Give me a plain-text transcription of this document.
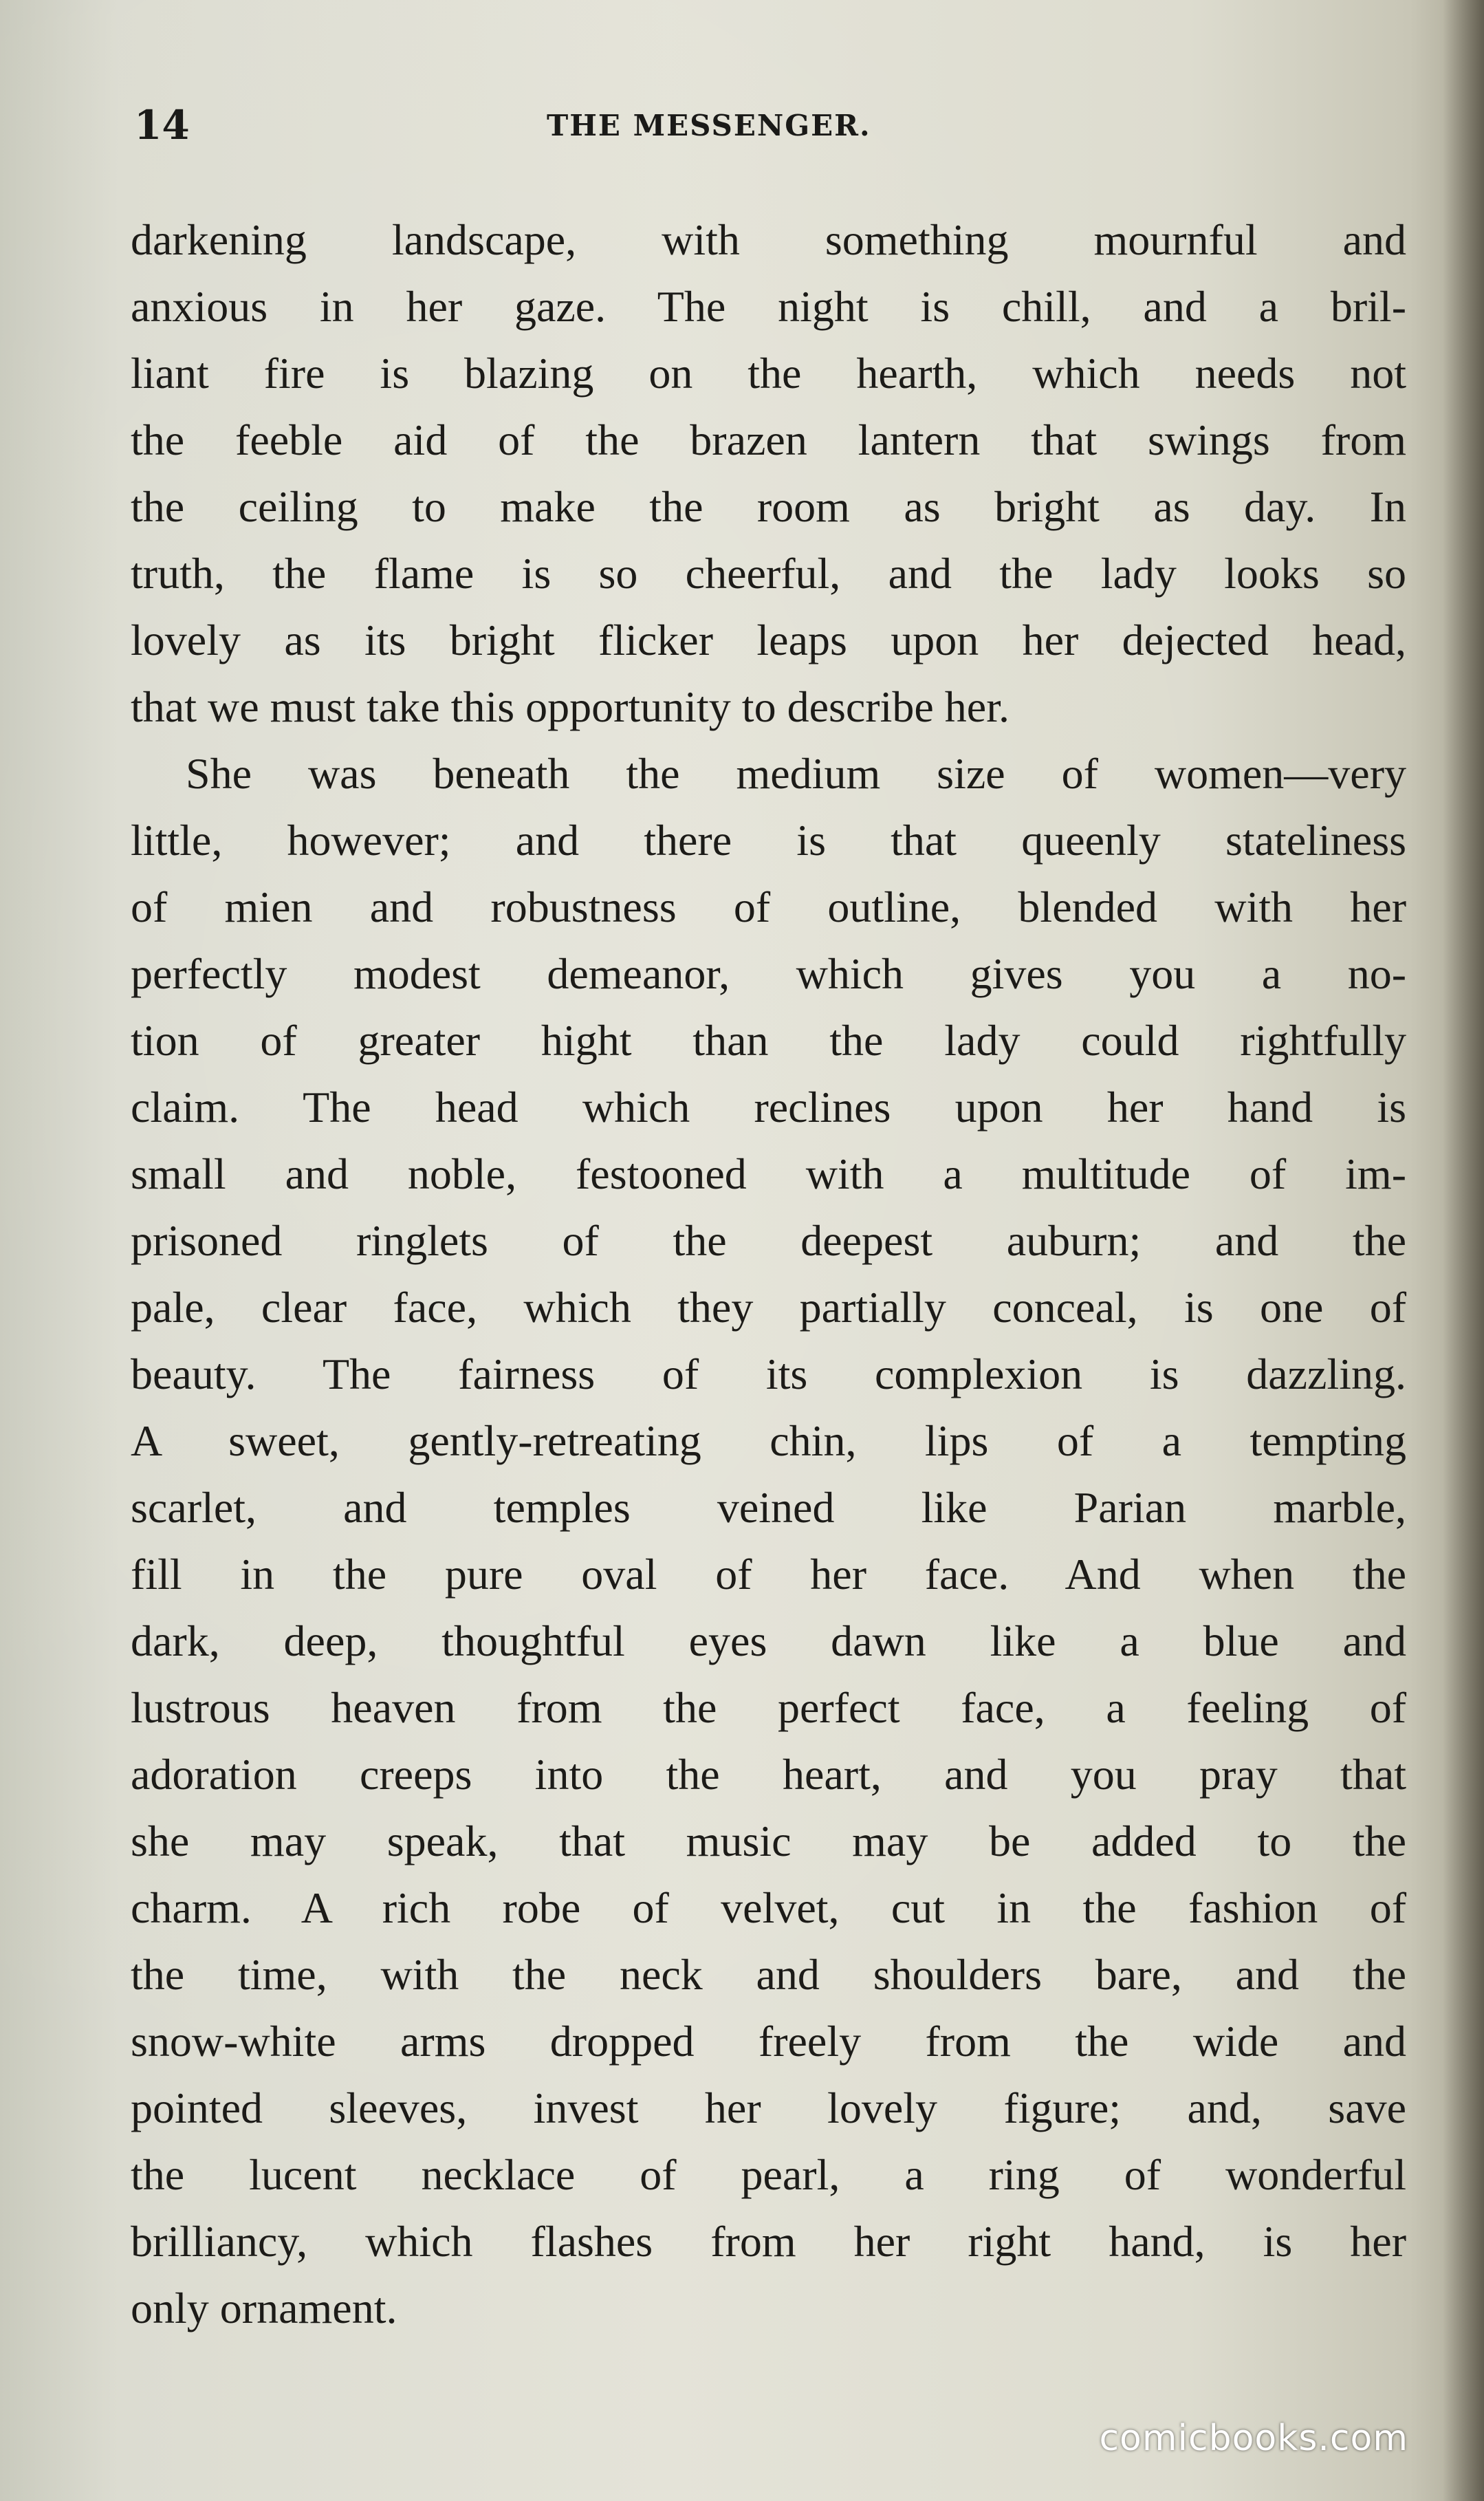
14	THE MESSENGER.
darkening landscape, with something mournful and
anxious in her gaze. The night is chill, and a bril-
liant fire is blazing on the hearth, which needs not
the feeble aid of the brazen lantern that swings from
the ceiling to make the room as bright as day. In
truth, the flame is so cheerful, and the lady looks so
lovely as its bright flicker leaps upon her dejected head,
that we must take this opportunity to describe her.
She was beneath the medium size of women—very
little, however; and there is that queenly stateliness
of mien and robustness of outline, blended with her
perfectly modest demeanor, which gives you a no-
tion of greater hight than the lady could rightfully
claim. The head which reclines upon her hand is
small and noble, festooned with a multitude of im-
prisoned ringlets of the deepest auburn; and the
pale, clear face, which they partially conceal, is one of
beauty. The fairness of its complexion is dazzling.
A sweet, gently-retreating chin, lips of a tempting
scarlet, and temples veined like Parian marble,
fill in the pure oval of her face. And when the
dark, deep, thoughtful eyes dawn like a blue and
lustrous heaven from the perfect face, a feeling of
adoration creeps into the heart, and you pray that
she may speak, that music may be added to the
charm. A rich robe of velvet, cut in the fashion of
the time, with the neck and shoulders bare, and the
snow-white arms dropped freely from the wide and
pointed sleeves, invest her lovely figure; and, save
the lucent necklace of pearl, a ring of wonderful
brilliancy, which flashes from her right hand, is her
only ornament.
comicbooks.com
